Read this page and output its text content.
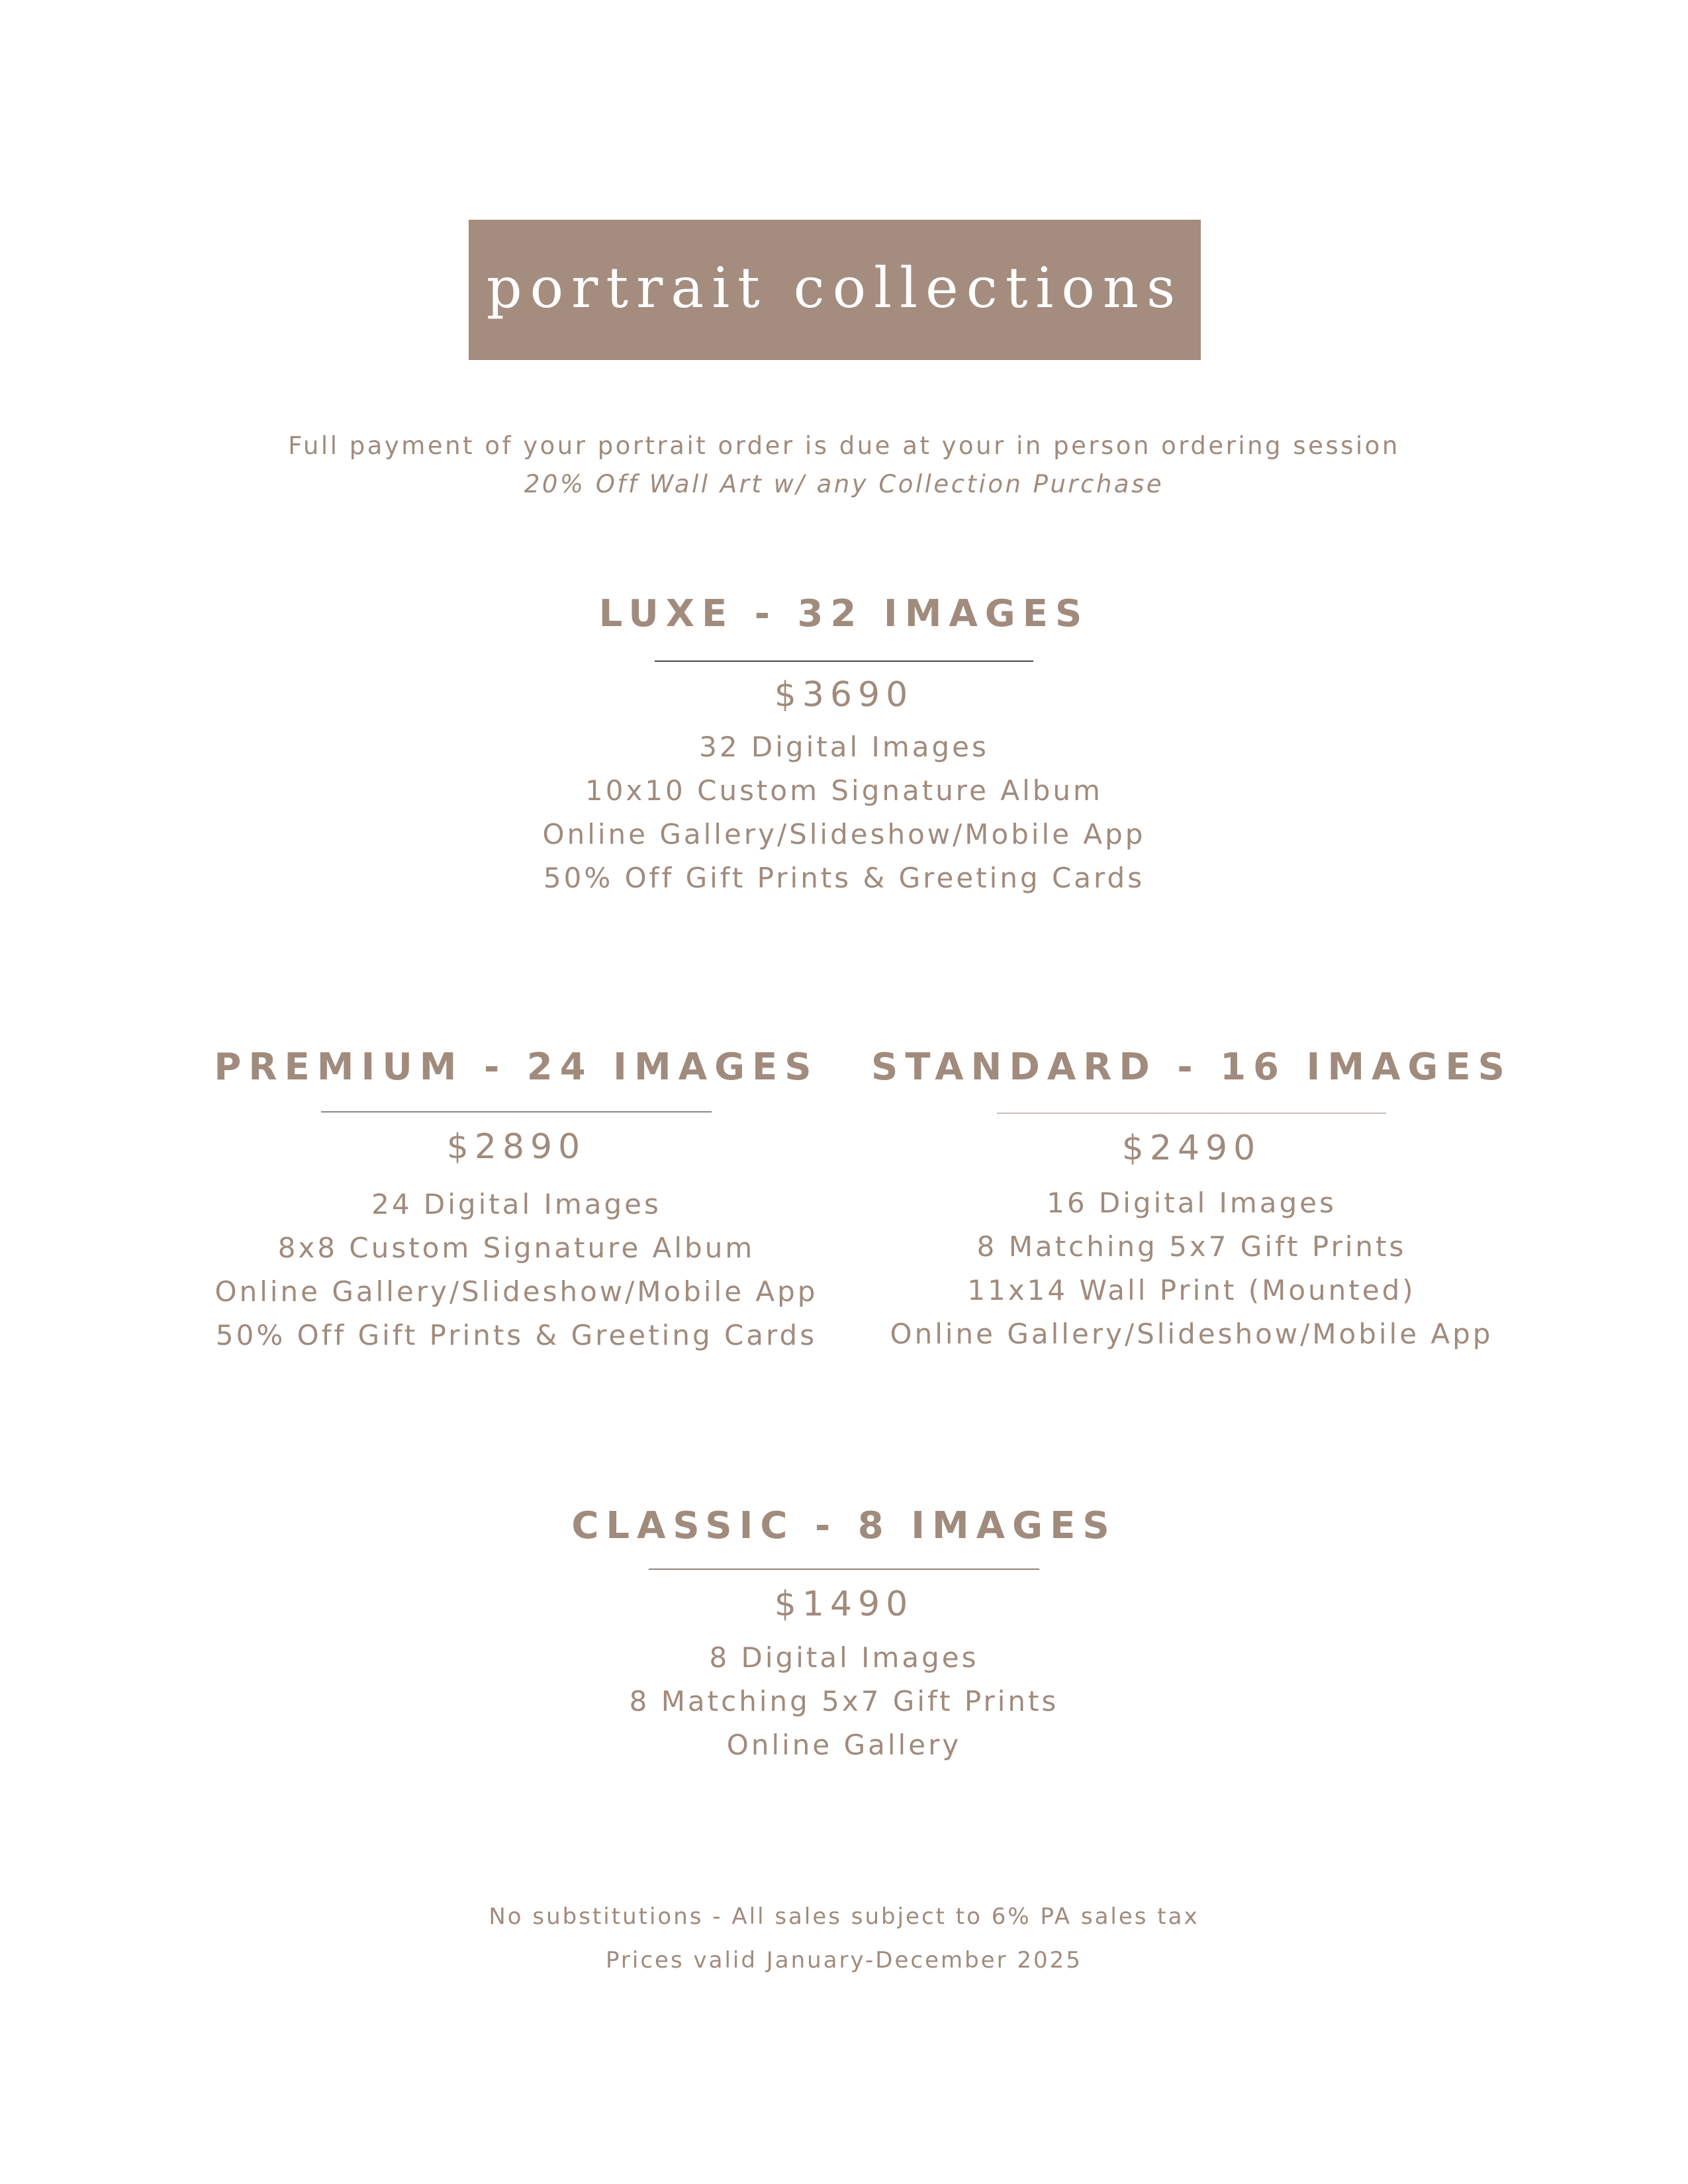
portrait collections
Full payment of your portrait order is due at your in person ordering session
20% Off Wall Art w/ any Collection Purchase
LUXE - 32 IMAGES
$3690
32 Digital Images
10x10 Custom Signature Album
Online Gallery/Slideshow/Mobile App
50% Off Gift Prints & Greeting Cards
PREMIUM - 24 IMAGES
$2890
24 Digital Images
8x8 Custom Signature Album
Online Gallery/Slideshow/Mobile App
50% Off Gift Prints & Greeting Cards
STANDARD - 16 IMAGES
$2490
16 Digital Images
8 Matching 5x7 Gift Prints
11x14 Wall Print (Mounted)
Online Gallery/Slideshow/Mobile App
CLASSIC - 8 IMAGES
$1490
8 Digital Images
8 Matching 5x7 Gift Prints
Online Gallery
No substitutions - All sales subject to 6% PA sales tax
Prices valid January-December 2025
